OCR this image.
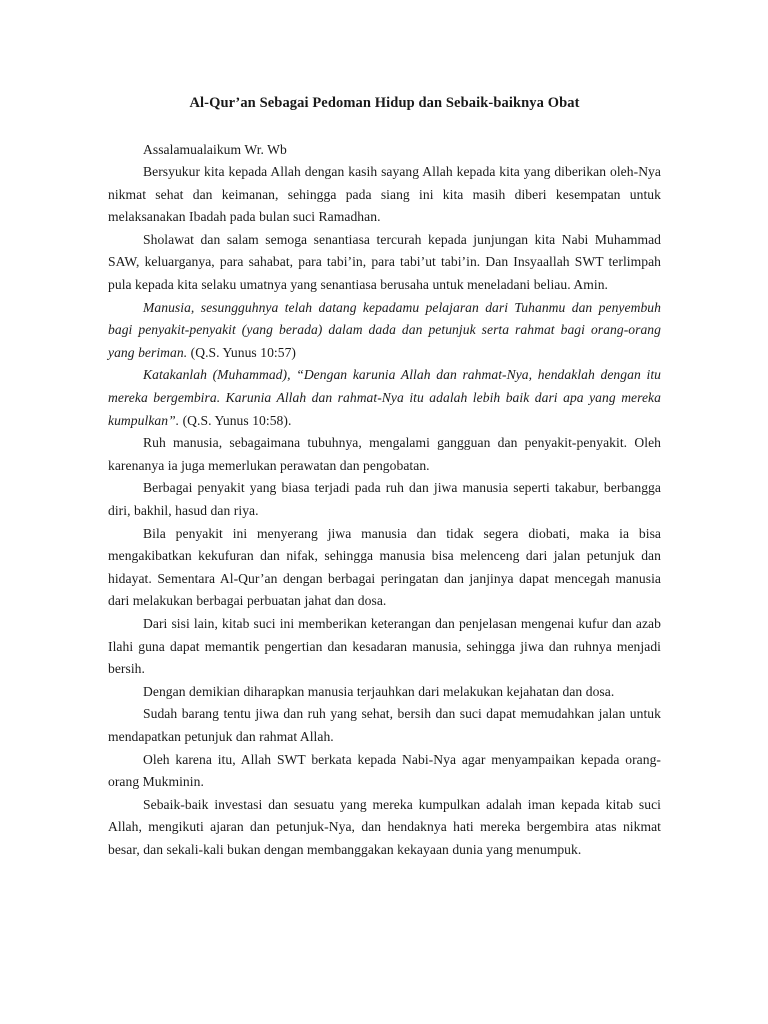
Al-Qur’an Sebagai Pedoman Hidup dan Sebaik-baiknya Obat

Assalamualaikum Wr. Wb

Bersyukur kita kepada Allah dengan kasih sayang Allah kepada kita yang diberikan oleh-Nya nikmat sehat dan keimanan, sehingga pada siang ini kita masih diberi kesempatan untuk melaksanakan Ibadah pada bulan suci Ramadhan.

Sholawat dan salam semoga senantiasa tercurah kepada junjungan kita Nabi Muhammad SAW, keluarganya, para sahabat, para tabi’in, para tabi’ut tabi’in. Dan Insyaallah SWT terlimpah pula kepada kita selaku umatnya yang senantiasa berusaha untuk meneladani beliau. Amin.

Manusia, sesungguhnya telah datang kepadamu pelajaran dari Tuhanmu dan penyembuh bagi penyakit-penyakit (yang berada) dalam dada dan petunjuk serta rahmat bagi orang-orang yang beriman. (Q.S. Yunus 10:57)

Katakanlah (Muhammad), “Dengan karunia Allah dan rahmat-Nya, hendaklah dengan itu mereka bergembira. Karunia Allah dan rahmat-Nya itu adalah lebih baik dari apa yang mereka kumpulkan”. (Q.S. Yunus 10:58).

Ruh manusia, sebagaimana tubuhnya, mengalami gangguan dan penyakit-penyakit. Oleh karenanya ia juga memerlukan perawatan dan pengobatan.

Berbagai penyakit yang biasa terjadi pada ruh dan jiwa manusia seperti takabur, berbangga diri, bakhil, hasud dan riya.

Bila penyakit ini menyerang jiwa manusia dan tidak segera diobati, maka ia bisa mengakibatkan kekufuran dan nifak, sehingga manusia bisa melenceng dari jalan petunjuk dan hidayat. Sementara Al-Qur’an dengan berbagai peringatan dan janjinya dapat mencegah manusia dari melakukan berbagai perbuatan jahat dan dosa.

Dari sisi lain, kitab suci ini memberikan keterangan dan penjelasan mengenai kufur dan azab Ilahi guna dapat memantik pengertian dan kesadaran manusia, sehingga jiwa dan ruhnya menjadi bersih.

Dengan demikian diharapkan manusia terjauhkan dari melakukan kejahatan dan dosa.

Sudah barang tentu jiwa dan ruh yang sehat, bersih dan suci dapat memudahkan jalan untuk mendapatkan petunjuk dan rahmat Allah.

Oleh karena itu, Allah SWT berkata kepada Nabi-Nya agar menyampaikan kepada orang-orang Mukminin.

Sebaik-baik investasi dan sesuatu yang mereka kumpulkan adalah iman kepada kitab suci Allah, mengikuti ajaran dan petunjuk-Nya, dan hendaknya hati mereka bergembira atas nikmat besar, dan sekali-kali bukan dengan membanggakan kekayaan dunia yang menumpuk.
